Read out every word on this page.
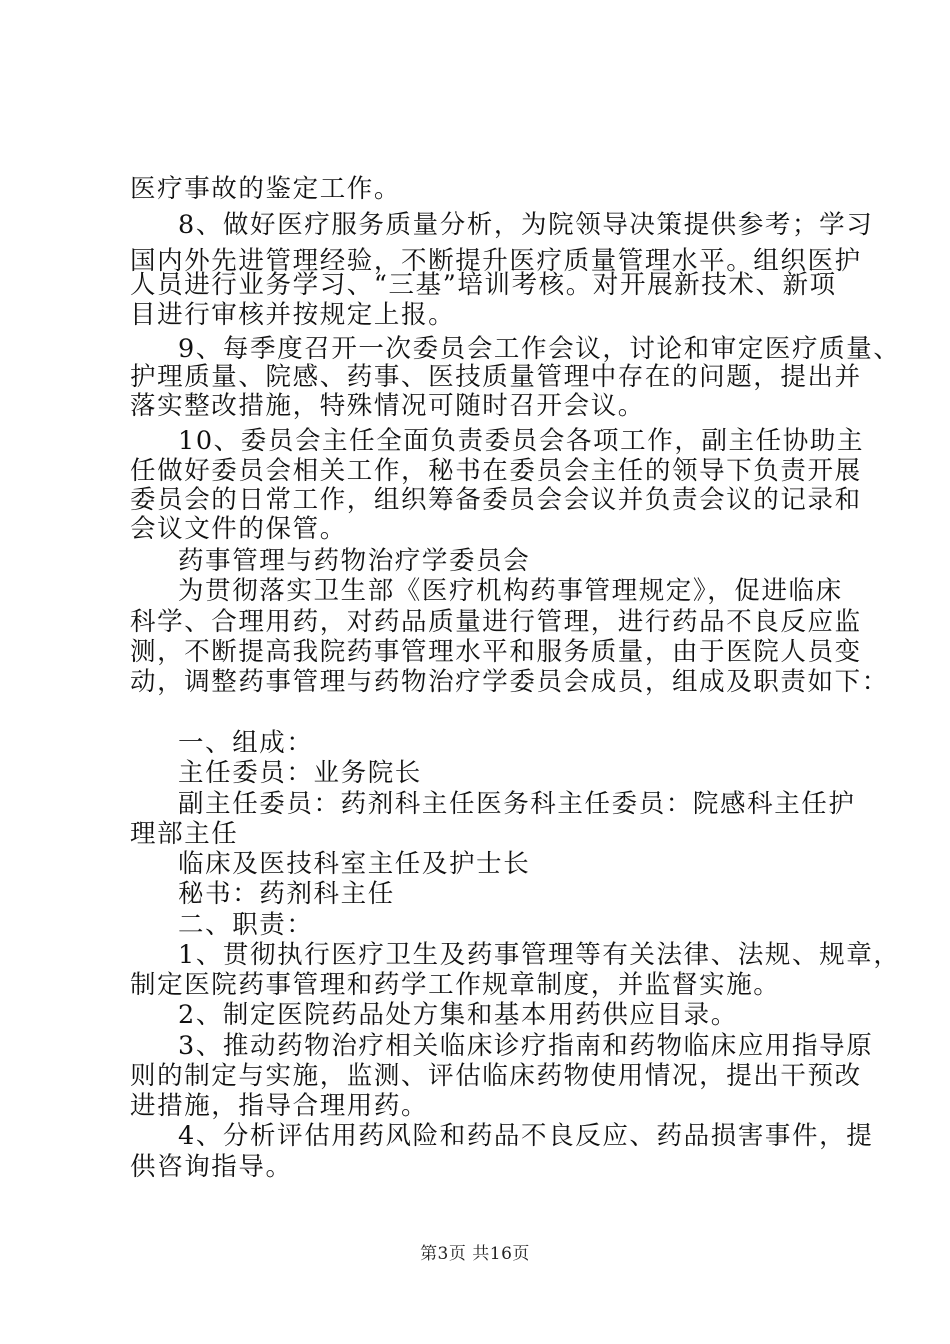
医疗事故的鉴定工作。
8、做好医疗服务质量分析，为院领导决策提供参考；学习
国内外先进管理经验，不断提升医疗质量管理水平。组织医护
人员进行业务学习、“三基”培训考核。对开展新技术、新项
目进行审核并按规定上报。
9、每季度召开一次委员会工作会议，讨论和审定医疗质量、
护理质量、院感、药事、医技质量管理中存在的问题，提出并
落实整改措施，特殊情况可随时召开会议。
10、委员会主任全面负责委员会各项工作，副主任协助主
任做好委员会相关工作，秘书在委员会主任的领导下负责开展
委员会的日常工作，组织筹备委员会会议并负责会议的记录和
会议文件的保管。
药事管理与药物治疗学委员会
为贯彻落实卫生部《医疗机构药事管理规定》，促进临床
科学、合理用药，对药品质量进行管理，进行药品不良反应监
测，不断提高我院药事管理水平和服务质量，由于医院人员变
动，调整药事管理与药物治疗学委员会成员，组成及职责如下：
一、组成：
主任委员：业务院长
副主任委员：药剂科主任医务科主任委员：院感科主任护
理部主任
临床及医技科室主任及护士长
秘书：药剂科主任
二、职责：
1、贯彻执行医疗卫生及药事管理等有关法律、法规、规章，
制定医院药事管理和药学工作规章制度，并监督实施。
2、制定医院药品处方集和基本用药供应目录。
3、推动药物治疗相关临床诊疗指南和药物临床应用指导原
则的制定与实施，监测、评估临床药物使用情况，提出干预改
进措施，指导合理用药。
4、分析评估用药风险和药品不良反应、药品损害事件，提
供咨询指导。
第3页 共16页
